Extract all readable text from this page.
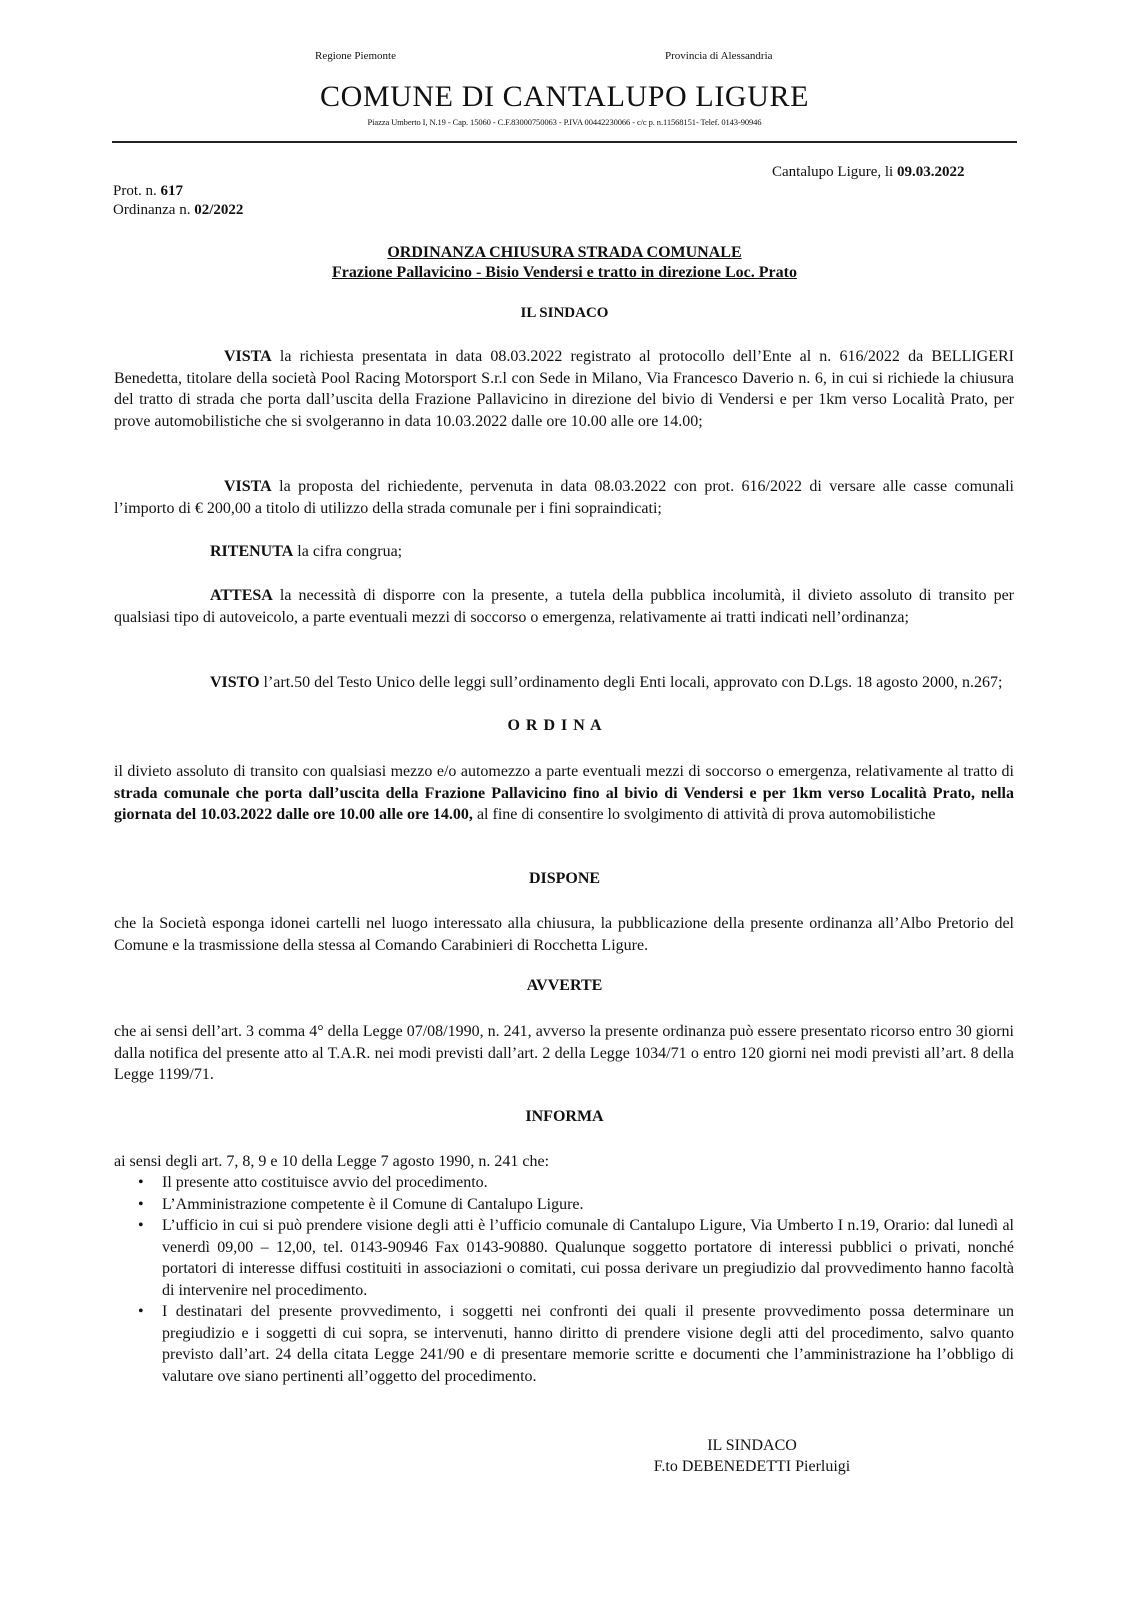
Regione Piemonte	Provincia di Alessandria
COMUNE DI CANTALUPO LIGURE
Piazza Umberto I, N.19 - Cap. 15060 - C.F.83000750063 - P.IVA 00442230066 - c/c p. n.11568151- Telef. 0143-90946
Cantalupo Ligure, li 09.03.2022
Prot. n. 617
Ordinanza n. 02/2022
ORDINANZA CHIUSURA STRADA COMUNALE
Frazione Pallavicino - Bisio Vendersi e tratto in direzione Loc. Prato
IL SINDACO
VISTA la richiesta presentata in data 08.03.2022 registrato al protocollo dell’Ente al n. 616/2022 da BELLIGERI Benedetta, titolare della società Pool Racing Motorsport S.r.l con Sede in Milano, Via Francesco Daverio n. 6, in cui si richiede la chiusura del tratto di strada che porta dall’uscita della Frazione Pallavicino in direzione del bivio di Vendersi e per 1km verso Località Prato, per prove automobilistiche che si svolgeranno in data 10.03.2022 dalle ore 10.00 alle ore 14.00;
VISTA la proposta del richiedente, pervenuta in data 08.03.2022 con prot. 616/2022 di versare alle casse comunali l’importo di € 200,00 a titolo di utilizzo della strada comunale per i fini sopraindicati;
RITENUTA la cifra congrua;
ATTESA la necessità di disporre con la presente, a tutela della pubblica incolumità, il divieto assoluto di transito per qualsiasi tipo di autoveicolo, a parte eventuali mezzi di soccorso o emergenza, relativamente ai tratti indicati nell’ordinanza;
VISTO l’art.50 del Testo Unico delle leggi sull’ordinamento degli Enti locali, approvato con D.Lgs. 18 agosto 2000, n.267;
O R D I N A
il divieto assoluto di transito con qualsiasi mezzo e/o automezzo a parte eventuali mezzi di soccorso o emergenza, relativamente al tratto di strada comunale che porta dall’uscita della Frazione Pallavicino fino al bivio di Vendersi e per 1km verso Località Prato, nella giornata del 10.03.2022 dalle ore 10.00 alle ore 14.00, al fine di consentire lo svolgimento di attività di prova automobilistiche
DISPONE
che la Società esponga idonei cartelli nel luogo interessato alla chiusura, la pubblicazione della presente ordinanza all’Albo Pretorio del Comune e la trasmissione della stessa al Comando Carabinieri di Rocchetta Ligure.
AVVERTE
che ai sensi dell’art. 3 comma 4° della Legge 07/08/1990, n. 241, avverso la presente ordinanza può essere presentato ricorso entro 30 giorni dalla notifica del presente atto al T.A.R. nei modi previsti dall’art. 2 della Legge 1034/71 o entro 120 giorni nei modi previsti all’art. 8 della Legge 1199/71.
INFORMA
ai sensi degli art. 7, 8, 9 e 10 della Legge 7 agosto 1990, n. 241 che:
• Il presente atto costituisce avvio del procedimento.
• L’Amministrazione competente è il Comune di Cantalupo Ligure.
• L’ufficio in cui si può prendere visione degli atti è l’ufficio comunale di Cantalupo Ligure, Via Umberto I n.19, Orario: dal lunedì al venerdì 09,00 – 12,00, tel. 0143-90946 Fax 0143-90880. Qualunque soggetto portatore di interessi pubblici o privati, nonché portatori di interesse diffusi costituiti in associazioni o comitati, cui possa derivare un pregiudizio dal provvedimento hanno facoltà di intervenire nel procedimento.
• I destinatari del presente provvedimento, i soggetti nei confronti dei quali il presente provvedimento possa determinare un pregiudizio e i soggetti di cui sopra, se intervenuti, hanno diritto di prendere visione degli atti del procedimento, salvo quanto previsto dall’art. 24 della citata Legge 241/90 e di presentare memorie scritte e documenti che l’amministrazione ha l’obbligo di valutare ove siano pertinenti all’oggetto del procedimento.
IL SINDACO
F.to DEBENEDETTI Pierluigi
